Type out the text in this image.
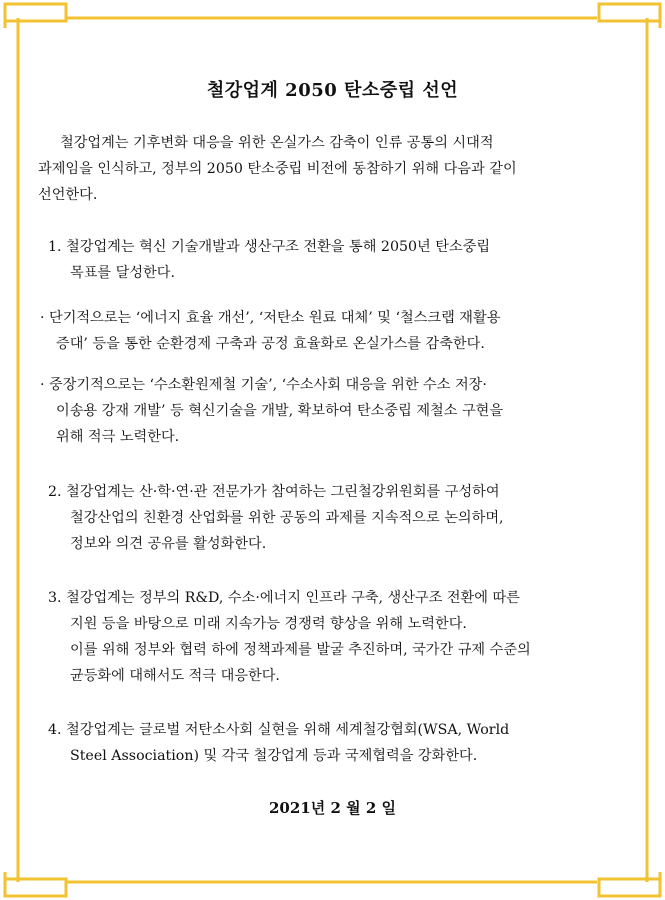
철강업계 2050 탄소중립 선언
철강업계는 기후변화 대응을 위한 온실가스 감축이 인류 공통의 시대적
과제임을 인식하고, 정부의 2050 탄소중립 비전에 동참하기 위해 다음과 같이
선언한다.
1. 철강업계는 혁신 기술개발과 생산구조 전환을 통해 2050년 탄소중립
목표를 달성한다.
· 단기적으로는 ‘에너지 효율 개선’, ‘저탄소 원료 대체’ 및 ‘철스크랩 재활용
증대’ 등을 통한 순환경제 구축과 공정 효율화로 온실가스를 감축한다.
· 중장기적으로는 ‘수소환원제철 기술’, ‘수소사회 대응을 위한 수소 저장·
이송용 강재 개발’ 등 혁신기술을 개발, 확보하여 탄소중립 제철소 구현을
위해 적극 노력한다.
2. 철강업계는 산·학·연·관 전문가가 참여하는 그린철강위원회를 구성하여
철강산업의 친환경 산업화를 위한 공동의 과제를 지속적으로 논의하며,
정보와 의견 공유를 활성화한다.
3. 철강업계는 정부의 R&D, 수소·에너지 인프라 구축, 생산구조 전환에 따른
지원 등을 바탕으로 미래 지속가능 경쟁력 향상을 위해 노력한다.
이를 위해 정부와 협력 하에 정책과제를 발굴 추진하며, 국가간 규제 수준의
균등화에 대해서도 적극 대응한다.
4. 철강업계는 글로벌 저탄소사회 실현을 위해 세계철강협회(WSA, World
Steel Association) 및 각국 철강업계 등과 국제협력을 강화한다.
2021년 2 월 2 일
